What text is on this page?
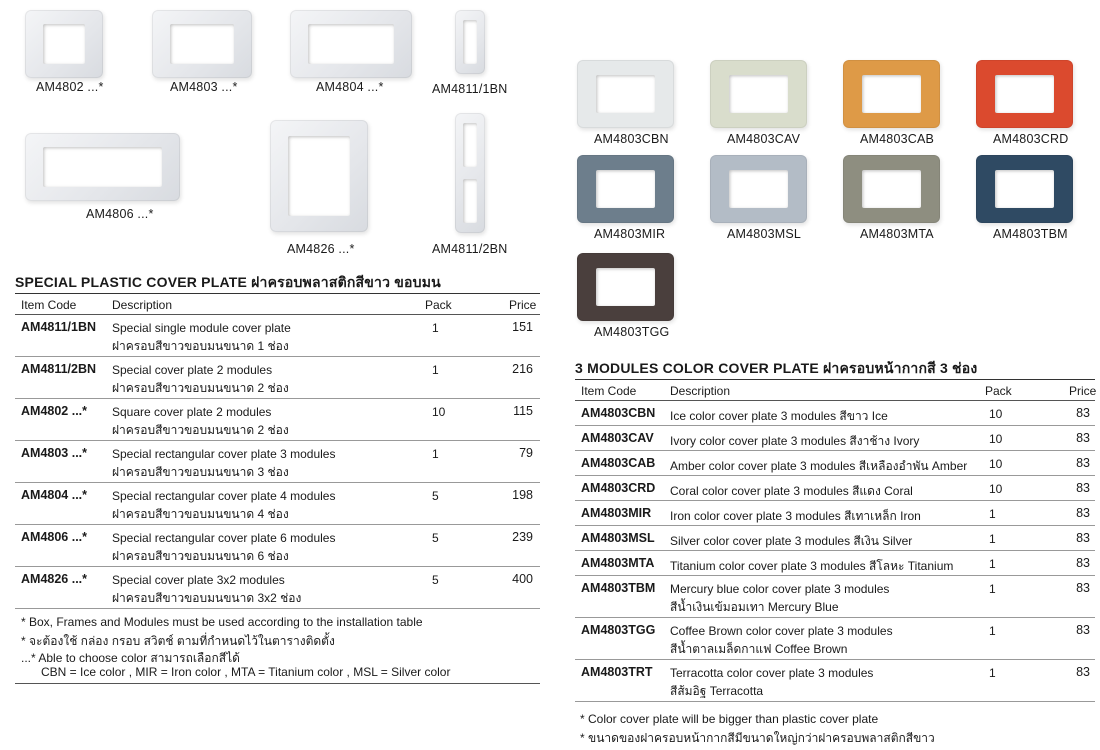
AM4802 ...*	AM4803 ...*	AM4804 ...*	AM4811/1BN
AM4806 ...*
AM4826 ...*	AM4811/2BN
AM4803CBN	AM4803CAV	AM4803CAB	AM4803CRD
AM4803MIR	AM4803MSL	AM4803MTA	AM4803TBM
AM4803TGG
SPECIAL PLASTIC COVER PLATE ฝาครอบพลาสติกสีขาว ขอบมน
Item Code	Description	Pack	Price
AM4811/1BN Special single module cover plate
ฝาครอบสีขาวขอบมนขนาด 1 ช่อง
1	151
AM4811/2BN Special cover plate 2 modules
ฝาครอบสีขาวขอบมนขนาด 2 ช่อง
1	216
AM4802 ...* Square cover plate 2 modules
ฝาครอบสีขาวขอบมนขนาด 2 ช่อง
10	115
AM4803 ...* Special rectangular cover plate 3 modules
ฝาครอบสีขาวขอบมนขนาด 3 ช่อง
1	79
AM4804 ...* Special rectangular cover plate 4 modules
ฝาครอบสีขาวขอบมนขนาด 4 ช่อง
5	198
AM4806 ...* Special rectangular cover plate 6 modules
ฝาครอบสีขาวขอบมนขนาด 6 ช่อง
5	239
AM4826 ...* Special cover plate 3x2 modules
ฝาครอบสีขาวขอบมนขนาด 3x2 ช่อง
5	400
* Box, Frames and Modules must be used according to the installation table
* จะต้องใช้ กล่อง กรอบ สวิตช์ ตามที่กำหนดไว้ในตารางติดตั้ง
...* Able to choose color สามารถเลือกสีได้
CBN = Ice color , MIR = Iron color , MTA = Titanium color , MSL = Silver color
3 MODULES COLOR COVER PLATE ฝาครอบหน้ากากสี 3 ช่อง
Item Code	Description	Pack	Price
AM4803CBN Ice color cover plate 3 modules สีขาว Ice	10	83
AM4803CAV Ivory color cover plate 3 modules สีงาช้าง Ivory	10	83
AM4803CAB Amber color cover plate 3 modules สีเหลืองอำพัน Amber 10	83
AM4803CRD Coral color cover plate 3 modules สีแดง Coral	10	83
AM4803MIR Iron color cover plate 3 modules สีเทาเหล็ก Iron	1	83
AM4803MSL Silver color cover plate 3 modules สีเงิน Silver	1	83
AM4803MTA Titanium color cover plate 3 modules สีโลหะ Titanium	1	83
AM4803TBM Mercury blue color cover plate 3 modules
สีน้ำเงินเข้มอมเทา Mercury Blue
1	83
AM4803TGG Coffee Brown color cover plate 3 modules
สีน้ำตาลเมล็ดกาแฟ Coffee Brown
1	83
AM4803TRT Terracotta color cover plate 3 modules
สีส้มอิฐ Terracotta
1	83
* Color cover plate will be bigger than plastic cover plate
* ขนาดของฝาครอบหน้ากากสีมีขนาดใหญ่กว่าฝาครอบพลาสติกสีขาว
